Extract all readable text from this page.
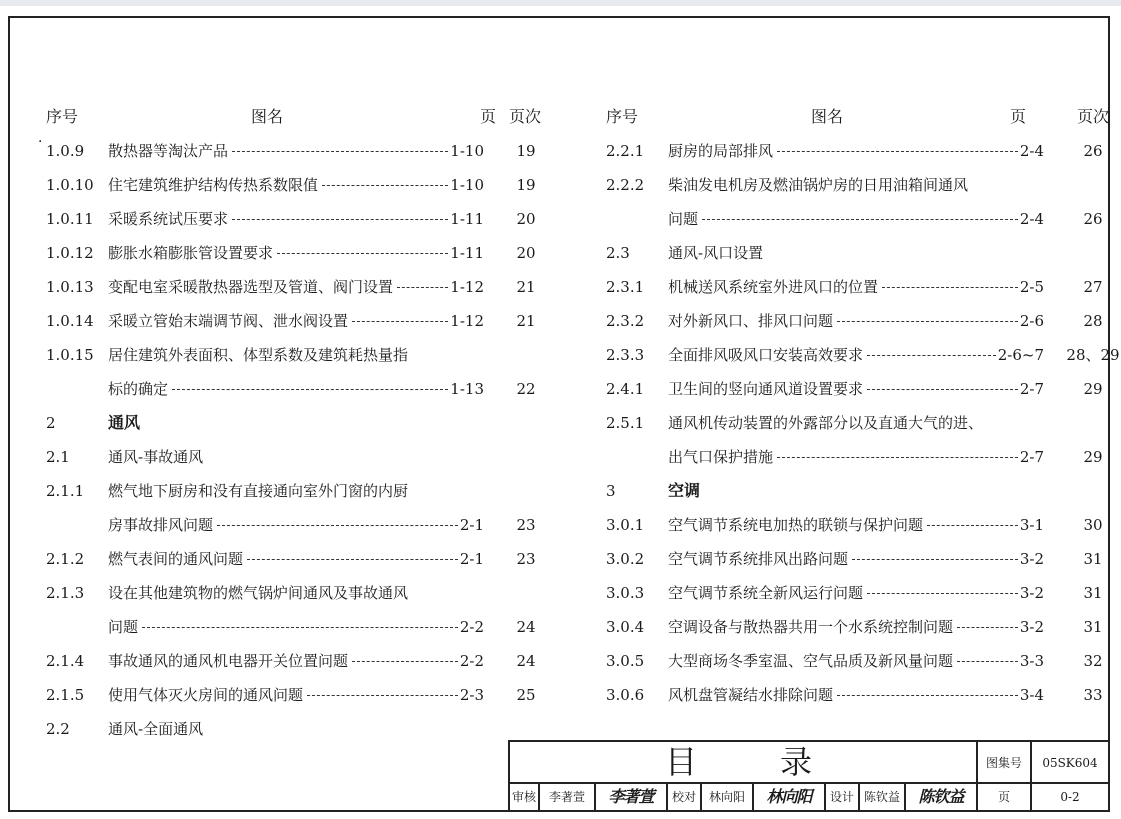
序号	图名	页 页次
1.0.9 散热器等淘汰产品	1-10	19
1.0.10 住宅建筑维护结构传热系数限值	1-10	19
1.0.11 采暖系统试压要求	1-11	20
1.0.12 膨胀水箱膨胀管设置要求	1-11	20
1.0.13 变配电室采暖散热器选型及管道、阀门设置	1-12	21
1.0.14 采暖立管始末端调节阀、泄水阀设置	1-12	21
1.0.15 居住建筑外表面积、体型系数及建筑耗热量指
标的确定	1-13	22
2	通风
2.1	通风-事故通风
2.1.1 燃气地下厨房和没有直接通向室外门窗的内厨
房事故排风问题	2-1	23
2.1.2 燃气表间的通风问题	2-1	23
2.1.3 设在其他建筑物的燃气锅炉间通风及事故通风
问题	2-2	24
2.1.4 事故通风的通风机电器开关位置问题	2-2	24
2.1.5 使用气体灭火房间的通风问题	2-3	25
2.2	通风-全面通风
序号	图名	页	页次
2.2.1 厨房的局部排风	2-4	26
2.2.2 柴油发电机房及燃油锅炉房的日用油箱间通风
问题	2-4	26
2.3	通风-风口设置
2.3.1 机械送风系统室外进风口的位置	2-5	27
2.3.2 对外新风口、排风口问题	2-6	28
2.3.3 全面排风吸风口安装高效要求	2-6~7 28、29
2.4.1 卫生间的竖向通风道设置要求	2-7	29
2.5.1 通风机传动装置的外露部分以及直通大气的进、
出气口保护措施	2-7	29
3	空调
3.0.1 空气调节系统电加热的联锁与保护问题	3-1	30
3.0.2 空气调节系统排风出路问题	3-2	31
3.0.3 空气调节系统全新风运行问题	3-2	31
3.0.4 空调设备与散热器共用一个水系统控制问题	3-2	31
3.0.5 大型商场冬季室温、空气品质及新风量问题	3-3	32
3.0.6 风机盘管凝结水排除问题	3-4	33
·
目	录	图集号	05SK604
审核	李著萱	李著萱	校对	林向阳	林向阳	设计 陈钦益	陈钦益	页	0-2
